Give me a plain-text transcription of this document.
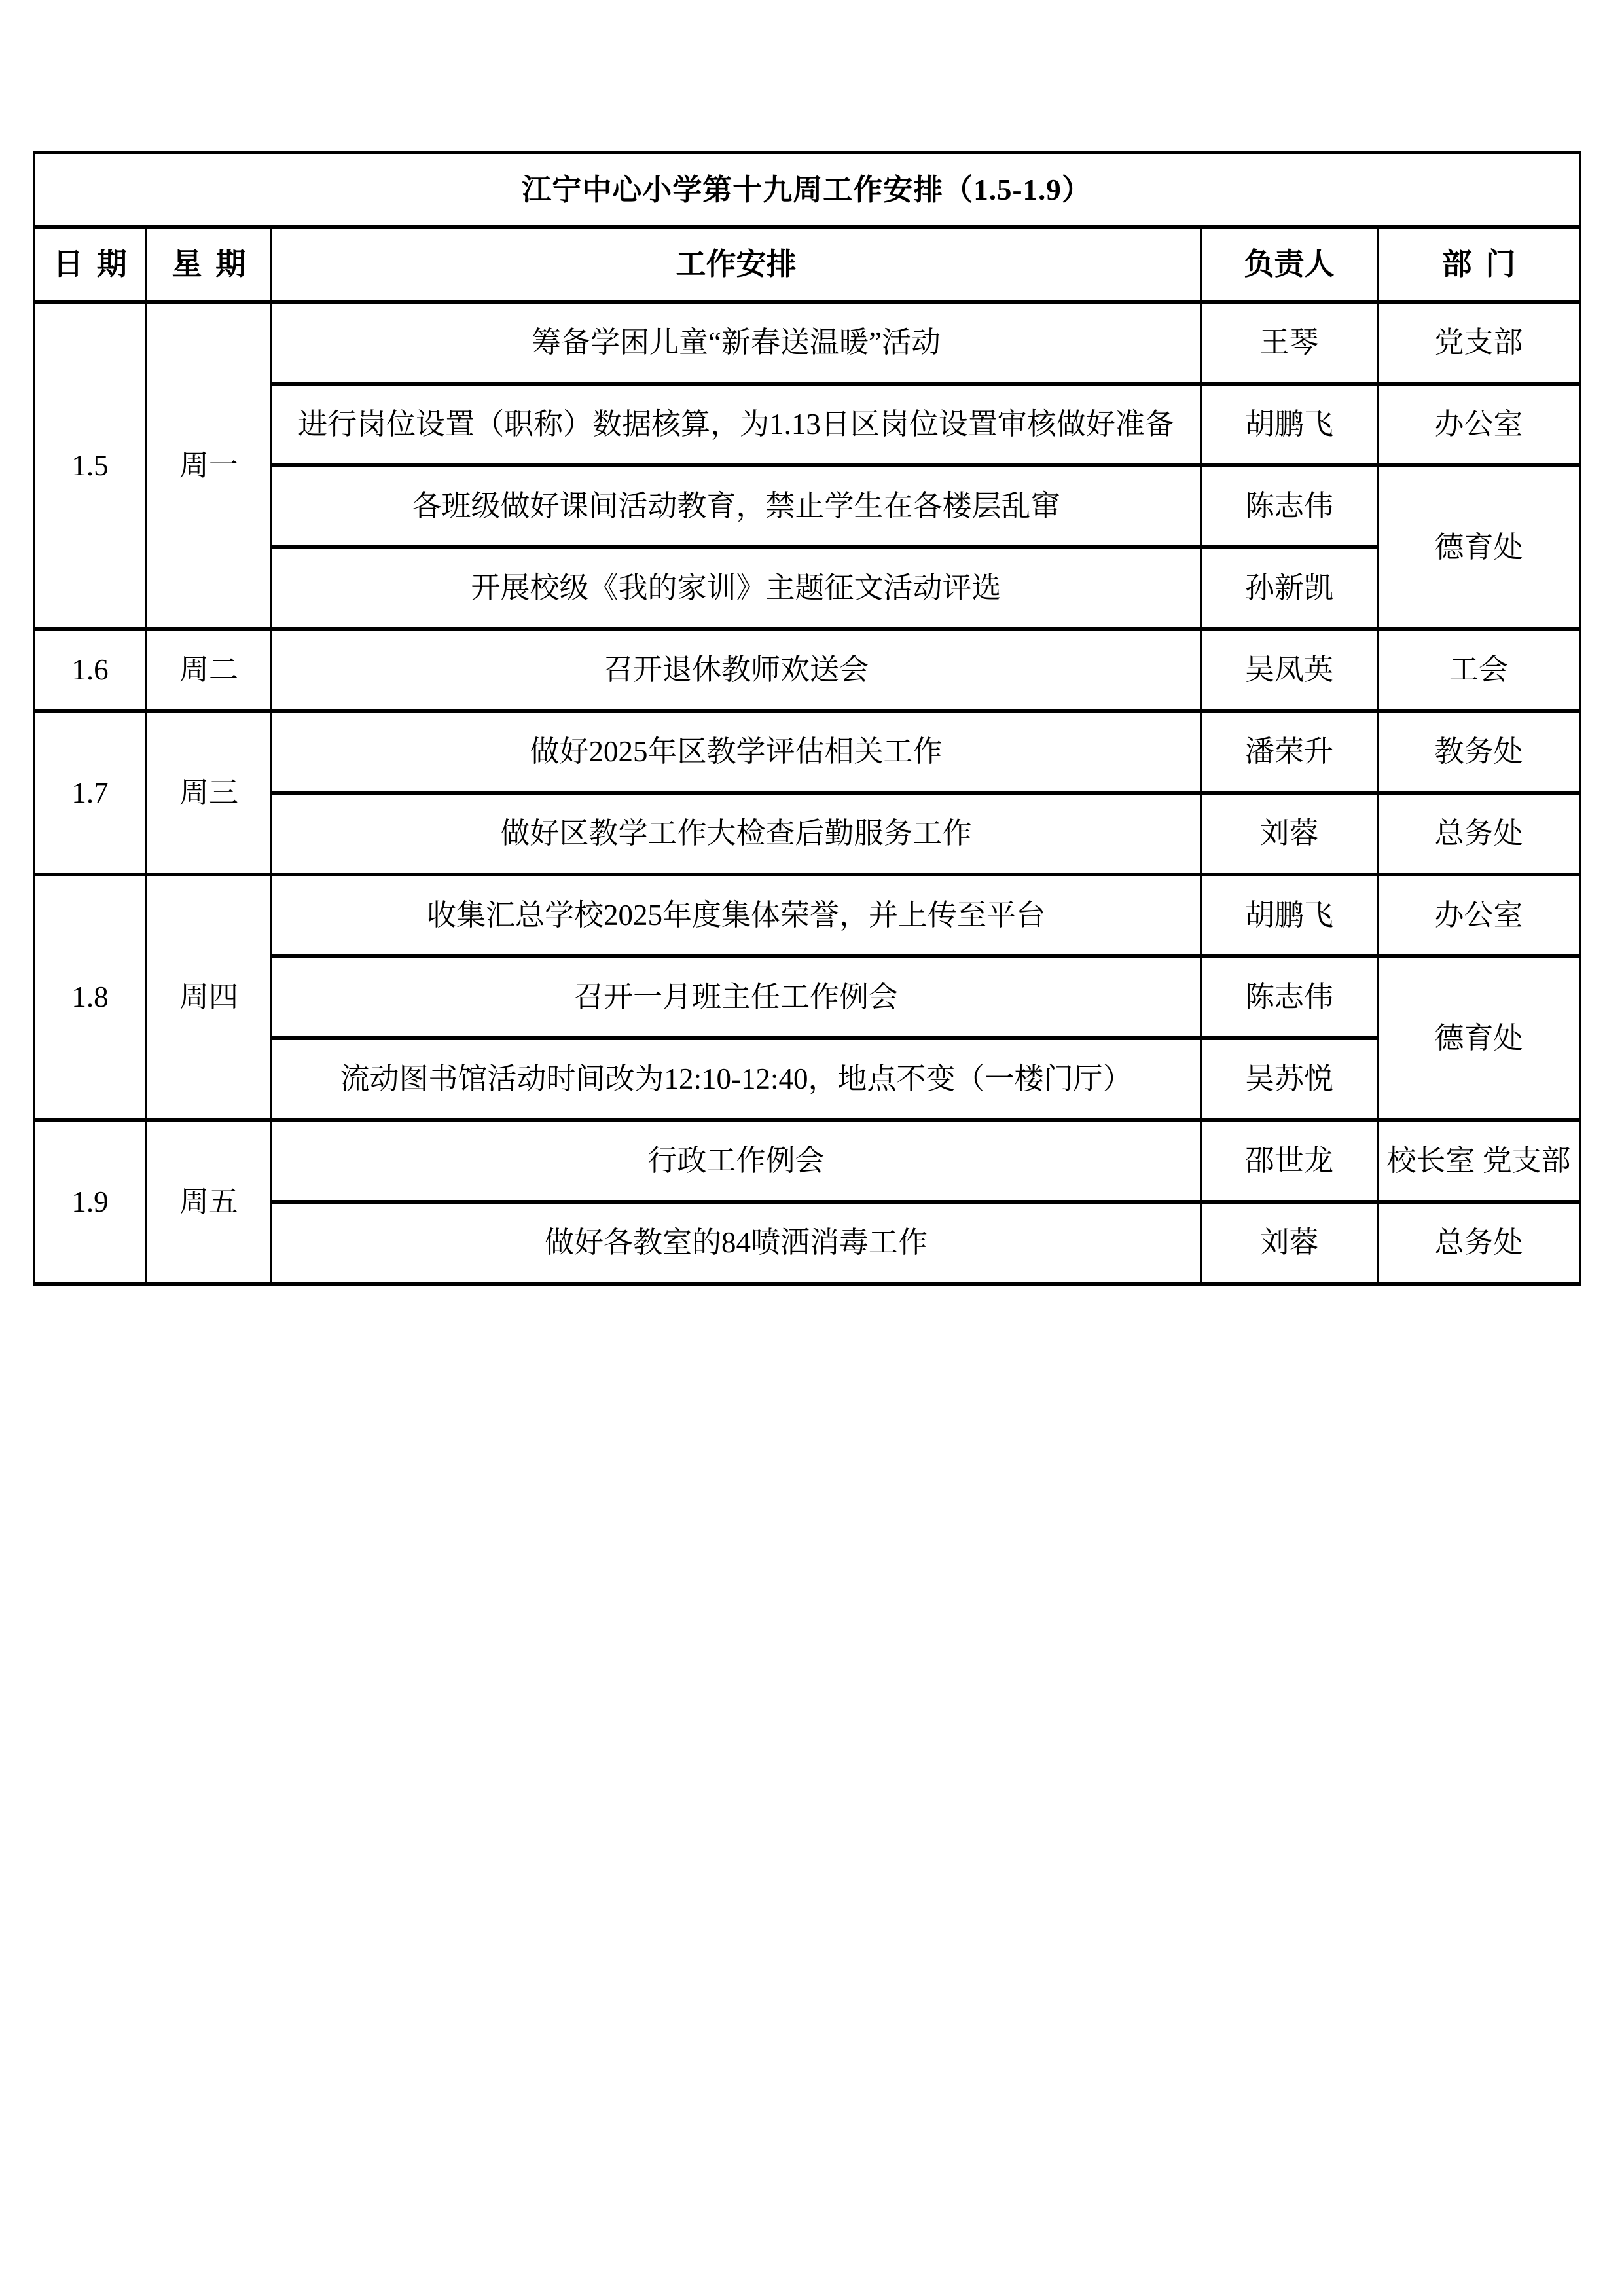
江宁中心小学第十九周工作安排（1.5-1.9）				
日期	星期	工作安排	负责人	部门
1.5	周一	筹备学困儿童“新春送温暖”活动	王琴	党支部
		进行岗位设置（职称）数据核算，为1.13日区岗位设置审核做好准备	胡鹏飞	办公室
		各班级做好课间活动教育，禁止学生在各楼层乱窜	陈志伟	德育处
		开展校级《我的家训》主题征文活动评选	孙新凯	
1.6	周二	召开退休教师欢送会	吴凤英	工会
1.7	周三	做好2025年区教学评估相关工作	潘荣升	教务处
		做好区教学工作大检查后勤服务工作	刘蓉	总务处
1.8	周四	收集汇总学校2025年度集体荣誉，并上传至平台	胡鹏飞	办公室
		召开一月班主任工作例会	陈志伟	德育处
		流动图书馆活动时间改为12:10-12:40，地点不变（一楼门厅）	吴苏悦	
1.9	周五	行政工作例会	邵世龙	校长室 党支部
		做好各教室的84喷洒消毒工作	刘蓉	总务处
